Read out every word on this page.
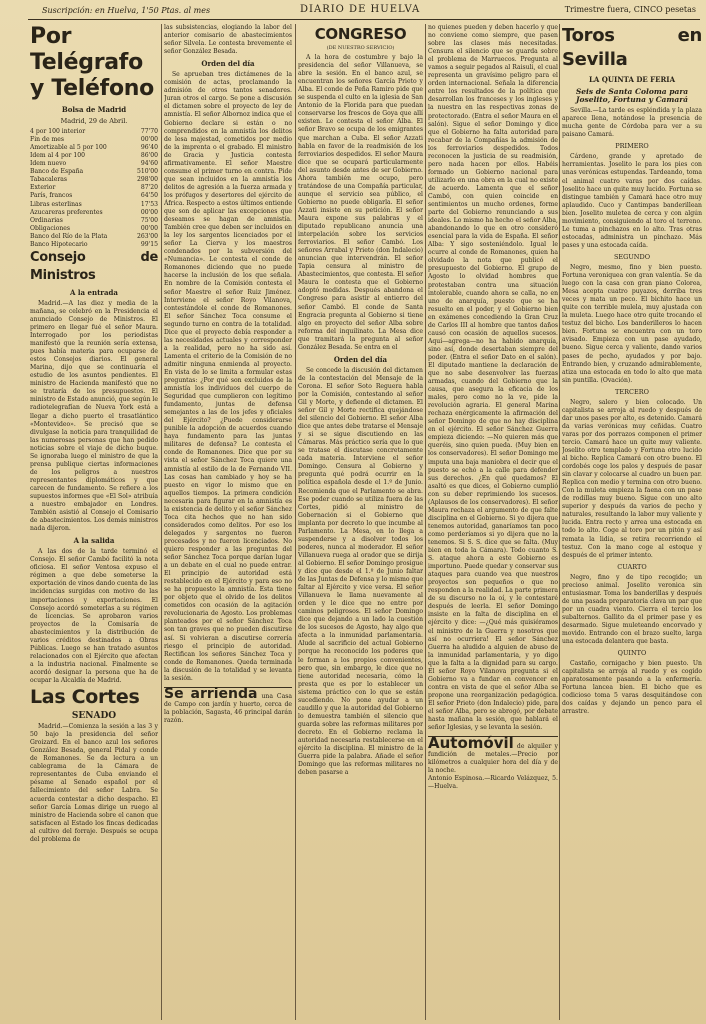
Suscripción: en Huelva, 1'50 Ptas. al mes	DIARIO DE HUELVA	Trimestre fuera, CINCO pesetas
Por Telégrafo y Teléfono
Bolsa de Madrid
Madrid, 29 de Abril.
4 por 100 interior	77'70
Fin de mes	00'00
Amortizable al 5 por 100	96'40
Idem al 4 por 100	86'00
Idem nuevo	94'60
Banco de España	510'00
Tabacaleras	298'00
Exterior	87'20
París, francos	64'50
Libras esterlinas	17'53
Azucareras preferentes	00'00
Ordinarias	75'00
Obligaciones	00'00
Banco del Río de la Plata	263'00
Banco Hipotecario	99'15
Consejo de Ministros
A la entrada

Madrid.—A las diez y media de la mañana, se celebró en la Presidencia el anunciado Consejo de Ministros. El primero en llegar fué el señor Maura. Interrogado por los periodistas manifestó que la reunión sería extensa, pues había materia para ocuparse de estos Consejos diarios. El general Marina, dijo que se continuaría el estudio de los asuntos pendientes. El ministro de Hacienda manifestó que no se trataría de los presupuestos. El ministro de Estado anunció, que según le radiotelegrafían de Nueva York está a llegar a dicho puerto el trasatlántico «Montevideo». Se precisó que se divulgase la noticia para tranquilidad de las numerosas personas que han pedido noticias sobre el viaje de dicho buque. Se ignoraba luego el ministro de que la prensa publique ciertas informaciones de los peligros a nuestros representantes diplomáticos y que carecen de fundamento. Se refiere a los supuestos informes que «El Sol» atribuía a nuestro embajador en Londres. También asistió al Consejo el Comisario de abastecimientos. Los demás ministros nada dijeron.

A la salida

A las dos de la tarde terminó el Consejo. El señor Cambó facilitó la nota oficiosa. El señor Ventosa expuso el régimen a que debe someterse la exportación de vinos dando cuenta de las incidencias surgidas con motivo de las importaciones y exportaciones. El Consejo acordó someterlas a su régimen de licencias. Se aprobaron varios proyectos de la Comisaría de abastecimientos y la distribución de varios créditos destinados a Obras Públicas. Luego se han tratado asuntos relacionados con el Ejército que afectan a la industria nacional. Finalmente se acordó designar la persona que ha de ocupar la Alcaldía de Madrid.

Las Cortes
SENADO

Madrid.—Comienza la sesión a las 3 y 50 bajo la presidencia del señor Groizard. En el banco azul los señores González Besada, general Pidal y conde de Romanones. Se da lectura a un cablegrama de la Cámara de representantes de Cuba enviando el pésame al Senado español por el fallecimiento del señor Labra. Se acuerda contestar a dicho despacho. El señor García Lomas dirige un ruego al ministro de Hacienda sobre el canon que satisfacen al Estado los fincas dedicadas al cultivo del forraje. Después se ocupa del problema de

las subsistencias, elogiando la labor del anterior comisario de abastecimientos señor Silvela. Le contesta brevemente el señor González Besada.

Orden del día

Se aprueban tres dictámenes de la comisión de actas, proclamando la admisión de otros tantos senadores. Juran otros el cargo. Se pone a discusión el dictamen sobre el proyecto de ley de amnistía. El señor Albornoz indica que el Gobierno declare si están o no comprendidos en la amnistía los delitos de lesa majestad, cometidos por medio de la imprenta o el grabado. El ministro de Gracia y Justicia contesta afirmativamente. El señor Maestre consume el primer turno en contra. Pide que sean incluidos en la amnistía los delitos de agresión a la fuerza armada y los prófugos y desertores del ejército de África. Respecto a estos últimos entiende que son de aplicar las excepciones que deseamos se hagan de amnistía. También cree que deben ser incluidos en la ley los sargentos licenciados por el señor La Cierva y los maestros condenados por la subversión del «Numancia». Le contesta el conde de Romanones diciendo que no puede hacerse la inclusión de los que señala. En nombre de la Comisión contesta el señor Maestre el señor Ruiz Jiménez. Interviene el señor Royo Vilanova, contestándole el conde de Romanones. El señor Sánchez Toca consume el segundo turno en contra de la totalidad. Dice que el proyecto debía responder a las necesidades actuales y corresponder a la realidad, pero no ha sido así. Lamenta el criterio de la Comisión de no admitir ninguna enmienda al proyecto. En vista de lo se limita a formular estas preguntas: ¿Por qué son excluidos de la amnistía los individuos del cuerpo de Seguridad que cumplieron con legítimo fundamento, juntas de defensa semejantes a las de los jefes y oficiales del Ejército? ¿Puede considerarse punible la adopción de acuerdos cuando haya fundamento para las juntas militares de defensa? Le contesta el conde de Romanones. Dice que por su vista el señor Sánchez Toca quiere una amnistía al estilo de la de Fernando VII. Las cosas han cambiado y hoy se ha puesto en vigor lo mismo que en aquellos tiempos. La primera condición necesaria para figurar en la amnistía es la existencia de delito y el señor Sánchez Toca cita hechos que no han sido considerados como delitos. Por eso los delegados y sargentos no fueron procesados y no fueron licenciados. No quiero responder a las preguntas del señor Sánchez Toca porque darían lugar a un debate en el cual no puede entrar. El principio de autoridad está restablecido en el Ejército y para eso no se ha propuesto la amnistía. Esta tiene por objeto que el olvido de los delitos cometidos con ocasión de la agitación revolucionaria de Agosto. Los problemas planteados por el señor Sánchez Toca son tan graves que no pueden discutirse así. Si volvieran a discutirse correría riesgo el principio de autoridad. Rectifican los señores Sánchez Toca y conde de Romanones. Queda terminada la discusión de la totalidad y se levanta la sesión.

Se arrienda una Casa de Campo con jardín y huerto, cerca de la población, Sagasta, 46 principal darán razón.
CONGRESO
(DE NUESTRO SERVICIO)

A la hora de costumbre y bajo la presidencia del señor Villanueva, se abre la sesión. En el banco azul, se encuentran los señores García Prieto y Alba. El conde de Peña Ramiro pide que se suspenda el culto en la iglesia de San Antonio de la Florida para que puedan conservarse los frescos de Goya que allí existen. Le contesta el señor Alba. El señor Bravo se ocupa de los emigrantes que marchan a Cuba. El señor Azzati habla en favor de la readmisión de los ferroviarios despedidos. El señor Maura dice que se ocupará particularmente del asunto desde antes de ser Gobierno. Ahora también me ocupo, pero tratándose de una Compañía particular, aunque el servicio sea público, el Gobierno no puede obligarla. El señor Azzati insiste en su petición. El señor Maura expone sus palabras y el diputado republicano anuncia una interpelación sobre los servicios ferroviarios. El señor Cambó. Los señores Arrabal y Prieto (don Indalecio) anuncian que intervendrán. El señor Tapia censura al ministro de Abastecimientos, que contesta. El señor Maura le contesta que el Gobierno adoptó medidas. Después abandona el Congreso para asistir al entierro del señor Cambó. El conde de Santa Engracia pregunta al Gobierno si tiene algo en proyecto del señor Alba sobre reforma del inquilinato. La Mesa dice que tramitará la pregunta al señor González Besada. Se entra en el

Orden del día

Se concede la discusión del dictamen de la contestación del Mensaje de la Corona. El señor Soto Reguera habla por la Comisión, contestando al señor Gil y Morte, y defiende el dictamen. El señor Gil y Morte rectifica quejándose del silencio del Gobierno. El señor Alba dice que antes debe tratarse el Mensaje y si se sigue discutiendo en las Cámaras. Más práctico sería que lo que se tratase el discutase concretamente cada materia. Interviene el señor Domingo. Censura al Gobierno y pregunta qué podrá ocurrir en la política española desde el 1.º de Junio. Recomienda que el Parlamento se abra. Ese poder cuando se utiliza fuera de las Cortes, pidió al ministro de Gobernación si el Gobierno que implanta por decreto lo que incumbe al Parlamento. La Mesa, en lo llega a suspenderse y a disolver todos los poderes, nunca al moderador. El señor Villanueva ruega al orador que se dirija al Gobierno. El señor Domingo prosigue y dice que desde el 1.º de Junio faltar de las Juntas de Defensa y lo mismo que faltar al Ejército y vice versa. El señor Villanueva le llama nuevamente al orden y le dice que no entre por caminos peligrosos. El señor Domingo dice que dejando a un lado la cuestión de los sucesos de Agosto, hay algo que afecta a la inmunidad parlamentaria. Alude al sacrificio del actual Gobierno porque ha reconocido los poderes que le forman a los propios convenientes, pero que, sin embargo, le dice que no tiene autoridad necesaria, cómo la presta que es por lo establecer un sistema práctico con lo que se están sucediendo. No pone ayudar a un caudillo y que la autoridad del Gobierno lo demuestra también el silencio que guarda sobre las reformas militares por decreto. En el Gobierno reclama la autoridad necesaria restablecerse en el ejército la disciplina. El ministro de la Guerra pide la palabra. Añade el señor Domingo que las reformas militares no deben pasarse a

no quienes pueden y deben hacerlo y que no conviene como siempre, que pasen sobre las clases más necesitadas. Censura el silencio que se guarda sobre el problema de Marruecos. Pregunta al vamos a seguir pegados al Raisuli, el cual representa un gravísimo peligro para el orden internacional. Señala la diferencia entre los resultados de la política que desarrollan los franceses y los ingleses y la nuestra en las respectivas zonas de protectorado. (Entra el señor Maura en el salón). Sigue el señor Domingo y dice que el Gobierno ha falta autoridad para recabar de la Compañías la admisión de los ferroviarios despedidos. Todos reconocen la justicia de su readmisión, pero nada hacen por ellos. Habéis formado un Gobierno nacional para utilizarlo en una obra en la cual no existe de acuerdo. Lamenta que el señor Cambó, con quien coincide en sentimientos un mucho ordenes, forme parte del Gobierno renunciando a sus ideales. Lo mismo ha hecho el señor Alba, abandonando lo que en otro consideró esencial para la vida de España. El señor Alba: Y sigo sosteniéndolo. Igual le ocurre al conde de Romanones, quien ha olvidado la nota que publicó el presupuesto del Gobierno. El grupo de Agosto lo olvidad hombres que protestaban contra una situación intolerable, cuando ahora se calla, no en uno de anarquía, puesto que se ha resuelto en el poder, y el Gobierno bien en exámenes concediendo la Gran Cruz de Carlos III al hombre que tantos daños causó con ocasión de aquellos sucesos. Aquí—agrega—no ha habido anarquía, sino así, donde desertaban siempre del poder. (Entra el señor Dato en el salón). El diputado mantiene la declaración de que no sabe desenvolver las fuerzas armadas, cuando del Gobierno que la causa, que asegura la eficacia de los males, pero como no la ve, pide la revolución agraria. El general Marina rechaza enérgicamente la afirmación del señor Domingo de que no hay disciplina en el ejército. El señor Sánchez Guerra empieza diciendo: —No quieren más que queréis, sino quien pueda. (Muy bien en los conservadores). El señor Domingo me imputa una baja maniobra el decir que el puesto se echó a la calle para defender sus derechos. ¿En qué quedamos? El asaltó es que dices, el Gobierno cumplió con su deber reprimiendo los sucesos. (Aplausos de los conservadores). El señor Maura rechaza el argumento de que falte disciplina en el Gobierno. Si yo dijera que tenemos autoridad, ganaríamos tan poco como perderíamos si yo dijera que no la tenemos. Si S. S. dice que se falta. (Muy bien en toda la Cámara). Todo cuanto S. S. ataque ahora a este Gobierno es importuno. Puede quedar y conservar sus ataques para cuando vea que nuestros proyectos son pequeños o que no responden a la realidad. La parte primera de su discurso no la oí, y le contestaré después de leerla. El señor Domingo insiste en la falta de disciplina en el ejército y dice: —¿Qué más quisiéramos el ministro de la Guerra y nosotros que así no ocurriera! El señor Sánchez Guerra ha aludido a alguien de abuso de la inmunidad parlamentaria, y yo digo que la falta a la dignidad para su cargo. El señor Royo Vilanova pregunta si el Gobierno va a fundar en convencer en contra en vista de que el señor Alba se propone una reorganización pedagógica. El señor Prieto (don Indalecio) pide, para el señor Alba, pero se abrogó, por debate hasta mañana la sesión, que hablará el señor Iglesias, y se levanta la sesión.

Automóvil de alquiler y fundición de metales.—Precio por kilómetros a cualquier hora del día y de la noche.
Antonio Espinosa.—Ricardo Velázquez, 5.—Huelva.
Toros en Sevilla
LA QUINTA DE FERIA
Seis de Santa Coloma para Joselito, Fortuna y Camará

Sevilla.—La tarde es espléndida y la plaza aparece llena, notándose la presencia de mucha gente de Córdoba para ver a su paisano Camará.

PRIMERO

Cárdeno, grande y apretado de herramientas. Joselito le para los pies con unas verónicas estupendas. Tardeando, toma el animal cuatro varas por dos caídas. Joselito hace un quite muy lucido. Fortuna se distingue también y Camará hace otro muy aplaudido. Cuco y Cantimpas banderillean bien. Joselito muletea de cerca y con algún movimiento, consiguiendo al toro el terreno. Le tuma a pinchazos en lo alto. Tras otras estocadas, administra un pinchazo. Más pases y una estocada caída.

SEGUNDO

Negro, mesmo, fino y bien puesto. Fortuna veroniquea con gran valentía. Se da luego con la casa con gran piano Colorea, Mesa acepta cuatro puyazos, derriba tres veces y mata un peco. El bichito hace un quite con terrible mulela, muy ajustada con la muleta. Luego hace otro quite trocando el testuz del bicho. Los banderilleros lo hacen bien. Fortuna se encuentra con un toro avisado. Empieza con un pase ayudado, bueno. Sigue cerca y valiente, dando varios pases de pecho, ayudados y por bajo. Entrando bien, y cruzando admirablemente, atiza una estocada en todo lo alto que mata sin puntilla. (Ovación).

TERCERO

Negro, salero y bien colocado. Un capitalista se arroja al ruedo y después de dar unos pases por alto, es detenido. Camará da varias verónicas muy ceñidas. Cuatro varas por dos porrazos componen el primer tercio. Camará hace un quite muy valiente. Joselito otro templado y Fortuna otro lucido al bicho. Replica Camará con otro bueno. El cordobés coge los palos y después de pasar sin clavar y colocarse al cuadro un buen par. Replica con medio y termina con otro bueno. Con la muleta empieza la faena con un pase de rodillas muy bueno. Sigue con uno alto superior y después da varios de pecho y naturales, resultando la labor muy valiente y lucida. Entra recto y arrea una estocada en todo lo alto. Coge al toro por un pitón y así remata la lidia, se retira recorriendo el testuz. Con la mano coge al estoque y después de el primer intento.

CUARTO

Negro, fino y de tipo recogido; un precioso animal. Joselito veronica sin entusiasmar. Toma los banderillas y después de una pasada preparatoria clava un par que por un cuadra viento. Cierra el tercio los subalternos. Gallito da el primer pase y es desarmado. Sigue muleteando encorvado y movido. Entrando con el brazo suelto, larga una estocada delantera que basta.

QUINTO

Castaño, cornigacho y bien puesto. Un capitalista se arroja al ruedo y es cogido aparatosamente pasando a la enfermería. Fortuna lancea bien. El bicho que es codicioso toma 5 varas desquitándose con dos caídas y dejando un penco para el arrastre.
